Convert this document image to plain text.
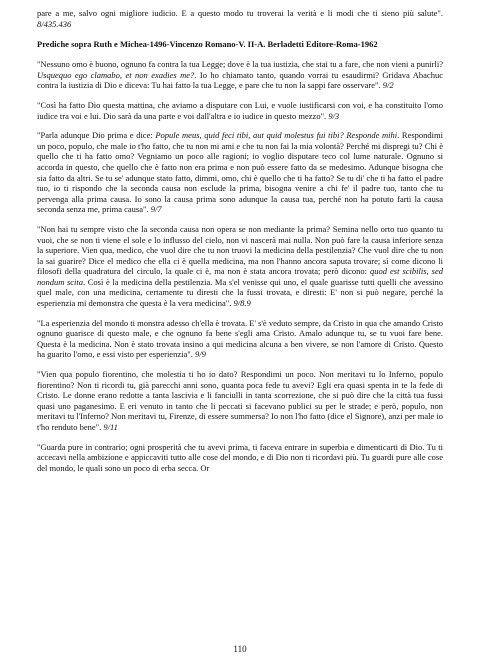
pare a me, salvo ogni migliore iudicio. E a questo modo tu troverai la verità e li modi che ti sieno più salute". 8/435.436

Prediche sopra Ruth e Michea-1496-Vincenzo Romano-V. II-A. Berladetti Editore-Roma-1962

"Nessuno omo è buono, ognuno fa contra la tua Legge; dove è la tua iustizia, che stai tu a fare, che non vieni a punirli? Usquequo ego clamabo, et non exadies me?. Io ho chiamato tanto, quando vorrai tu esaudirmi? Gridava Abachuc contra la iustizia di Dio e diceva: Tu hai fatto la tua Legge, e pare che tu non la sappi fare osservare". 9/2

"Così ha fatto Dio questa mattina, che aviamo a disputare con Lui, e vuole iustificarsi con voi, e ha constituito l'omo iudice tra voi e lui. Dio sarà da una parte e voi dall'altra e io iudice in questo mezzo". 9/3

"Parla adunque Dio prima e dice: Popule meus, quid feci tibi, aut quid molestus fui tibi? Responde mihi. Respondimi un poco, populo, che male io t'ho fatto, che tu non mi ami e che tu non fai la mia volontà? Perché mi dispregi tu? Chi è quello che ti ha fatto omo? Vegniamo un poco alle ragioni; io voglio disputare teco col lume naturale. Ognuno si accorda in questo, che quello che è fatto non era prima e non può essere fatto da se medesimo. Adunque bisogna che sia fatto da altri. Se tu se' adunque stato fatto, dimmi, omo, chi è quello che ti ha fatto? Se tu di' che ti ha fatto el padre tuo, io ti rispondo che la seconda causa non esclude la prima, bisogna venire a chi fe' il padre tuo, tanto che tu pervenga alla prima causa. Io sono la causa prima sono adunque la causa tua, perché non ha potuto farti la causa seconda senza me, prima causa". 9/7

"Non hai tu sempre visto che la seconda causa non opera se non mediante la prima? Semina nello orto tuo quanto tu vuoi, che se non ti viene el sole e lo influsso del cielo, non vi nascerà mai nulla. Non può fare la causa inferiore senza la superiore. Vien qua, medico, che vuol dire che tu non truovi la medicina della pestilenzia? Che vuol dire che tu non la sai guarire? Dice el medico che ella ci è quella medicina, ma non l'hanno ancora saputa trovare; sì come dicono li filosofi della quadratura del circulo, la quale ci è, ma non è stata ancora trovata; però dicono: quod est scibilis, sed nondum scita. Così è la medicina della pestilenzia. Ma s'el venisse qui uno, el quale guarisse tutti quelli che avessino quel male, con una medicina, certamente tu diresti che la fussi trovata, e diresti: E' non si può negare, perché la esperienzia mi demonstra che questa è la vera medicina". 9/8.9

"La esperienzia del mondo ti monstra adesso ch'ella è trovata. E' s'è veduto sempre, da Cristo in qua che amando Cristo ognuno guarisce di questo male, e che ognuno fa bene s'egli ama Cristo. Amalo adunque tu, se tu vuoi fare bene. Questa è la medicina. Non è stato trovata insino a qui medicina alcuna a ben vivere, se non l'amore di Cristo. Questo ha guarito l'omo, e essi visto per esperienzia". 9/9

"Vien qua populo fiorentino, che molestia ti ho io dato? Respondimi un poco. Non meritavi tu lo Inferno, populo fiorentino? Non ti ricordi tu, già parecchi anni sono, quanta poca fede tu avevi? Egli era quasi spenta in te la fede di Cristo. Le donne erano redotte a tanta lascivia e li fanciulli in tanta scorrezione, che si può dire che la città tua fussi quasi uno paganesimo. E eri venuto in tanto che li peccati si facevano publici su per le strade; e però, populo, non meritavi tu l'Inferno? Non meritavi tu, Firenze, di essere summersa? Io non l'ho fatto (dice el Signore), anzi per male io t'ho renduto bene". 9/11

"Guarda pure in contrario; ogni prosperità che tu avevi prima, ti faceva entrare in superbia e dimenticarti di Dio. Tu ti accecavi nella ambizione e appiccaviti tutto alle cose del mondo, e di Dio non ti ricordavi più. Tu guardi pure alle cose del mondo, le quali sono un poco di erba secca. Or

110
